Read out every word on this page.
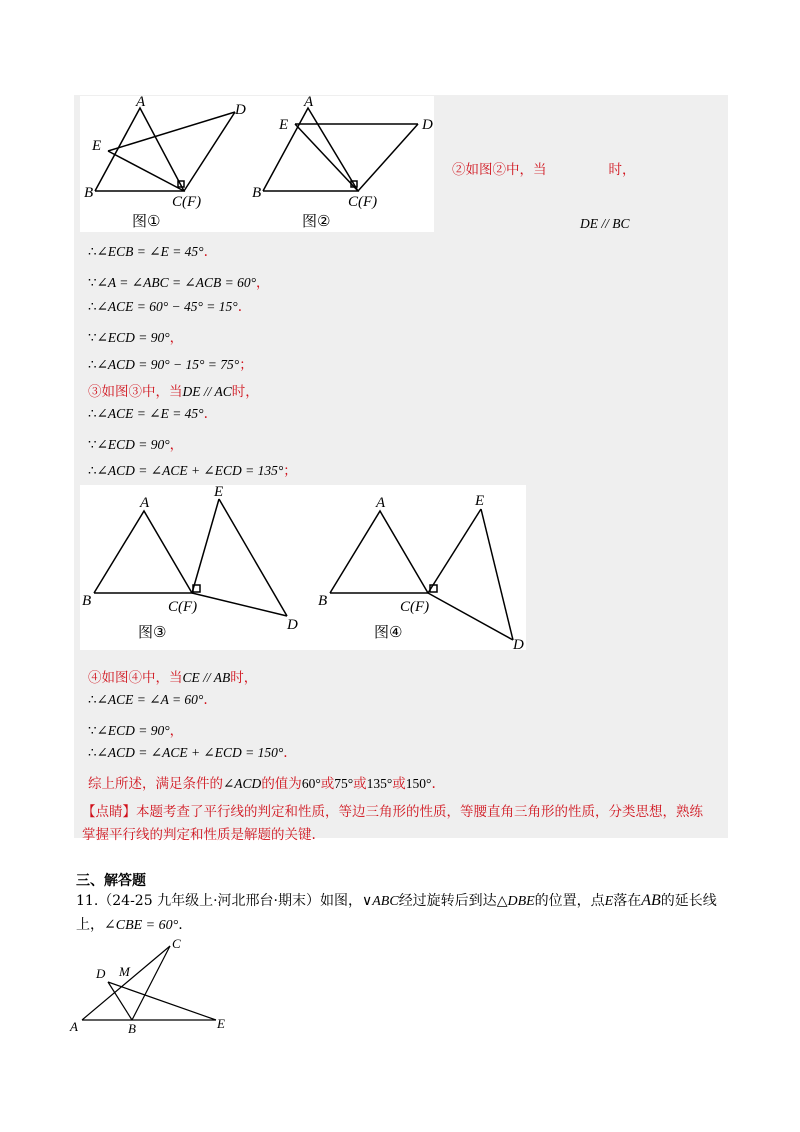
A	D
E
B
C(F)
图①
A
D
E
B
C(F)
图②
②如图②中，当	时，
DE // BC
∴∠ECB = ∠E = 45°.
∵∠A = ∠ABC = ∠ACB = 60°，
∴∠ACE = 60° − 45° = 15°.
∵∠ECD = 90°，
∴∠ACD = 90° − 15° = 75°；
③如图③中，当DE // AC时，
∴∠ACE = ∠E = 45°.
∵∠ECD = 90°，
∴∠ACD = ∠ACE + ∠ECD = 135°；
A
E
B
D
C(F)
图③
A	E
B
D
C(F)
图④
④如图④中，当CE // AB时，
∴∠ACE = ∠A = 60°.
∵∠ECD = 90°，
∴∠ACD = ∠ACE + ∠ECD = 150°.
综上所述，满足条件的∠ACD的值为60°或75°或135°或150°.
【点睛】本题考查了平行线的判定和性质，等边三角形的性质，等腰直角三角形的性质，分类思想，熟练
掌握平行线的判定和性质是解题的关键.
三、解答题
11.（24-25 九年级上·河北邢台·期末）如图，∨ABC经过旋转后到达△DBE的位置，点E落在AB的延长线
上，∠CBE = 60°.
A	B
C
D
E
M
